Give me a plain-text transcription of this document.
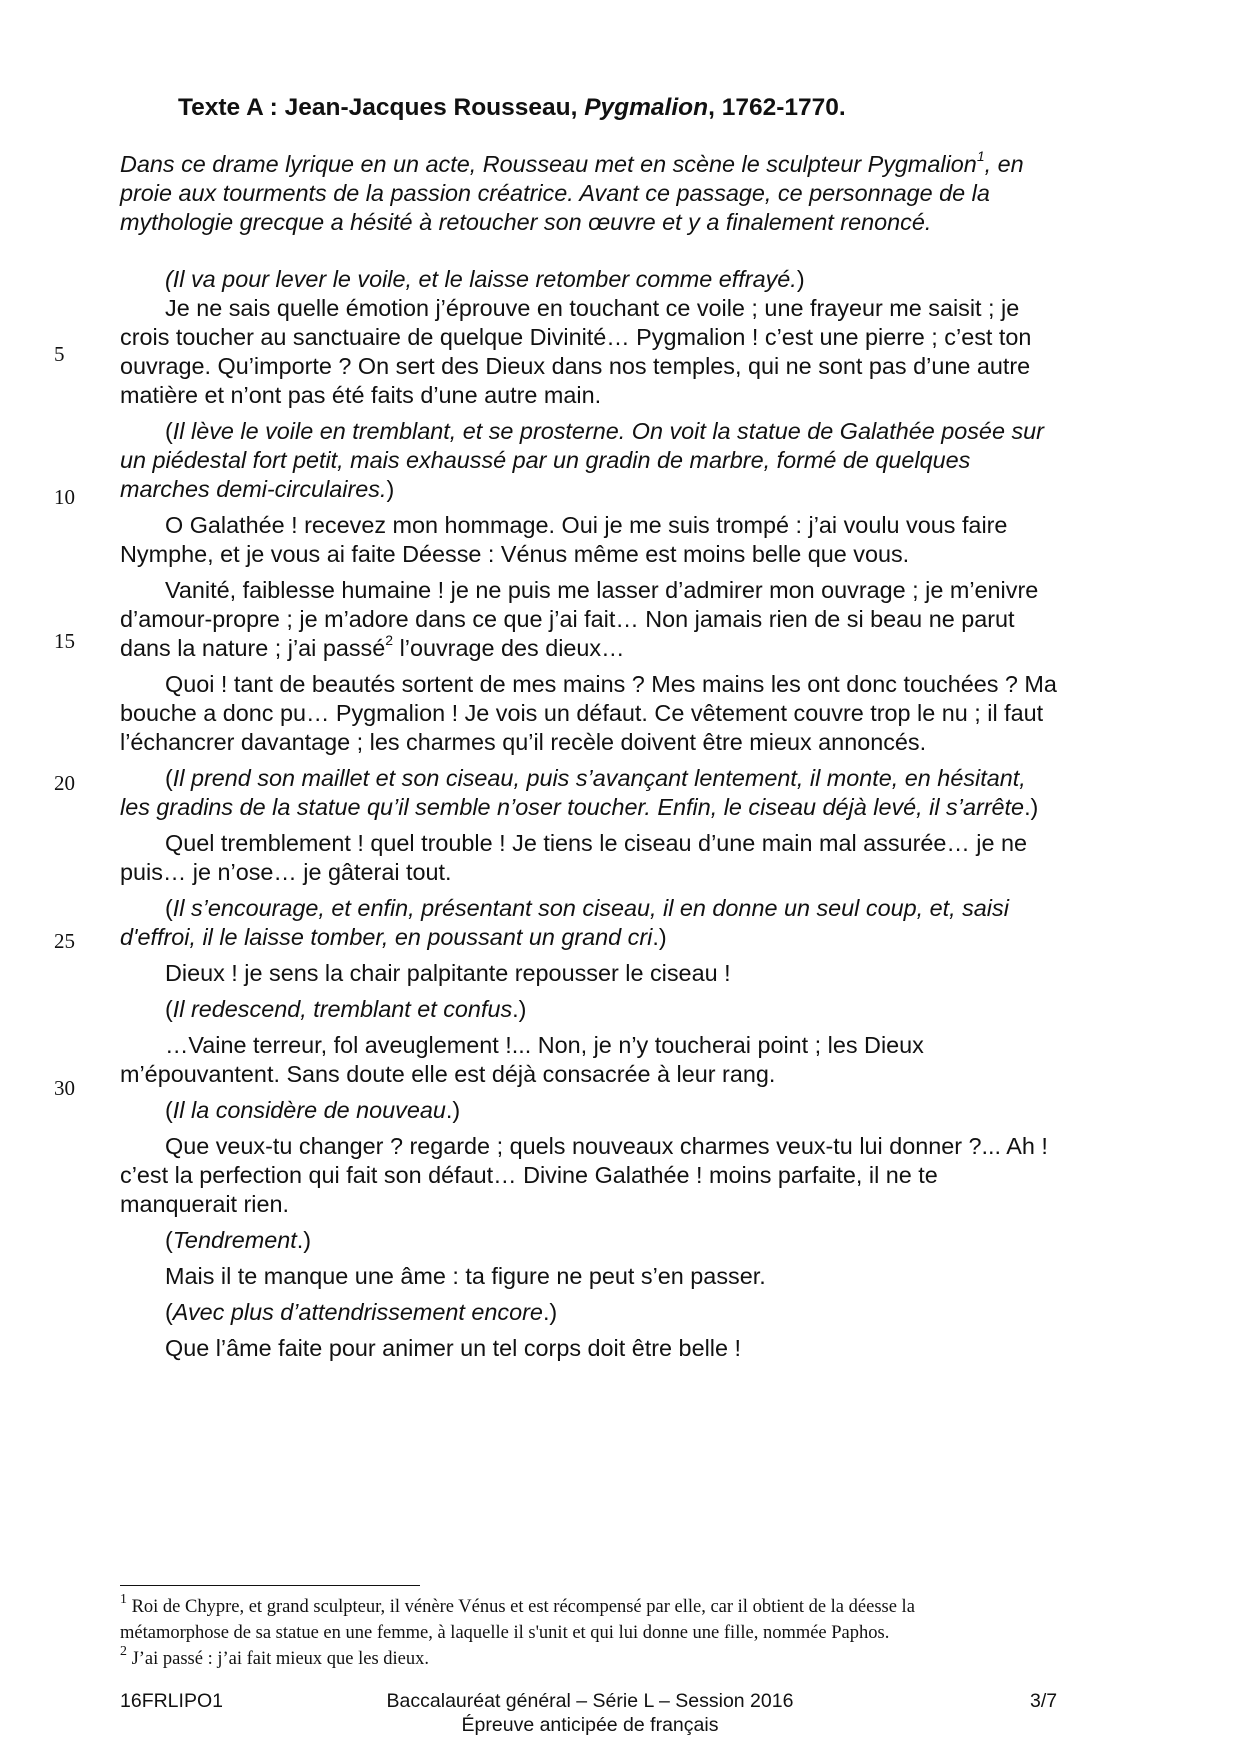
Texte A : Jean-Jacques Rousseau, Pygmalion, 1762-1770.

Dans ce drame lyrique en un acte, Rousseau met en scène le sculpteur Pygmalion$^1$, en

proie aux tourments de la passion créatrice. Avant ce passage, ce personnage de la

mythologie grecque a hésité à retoucher son œuvre et y a finalement renoncé.

5
10
15
20
25
30
(Il va pour lever le voile, et le laisse retomber comme effrayé.)
Je ne sais quelle émotion j’éprouve en touchant ce voile ; une frayeur me saisit ; je
crois toucher au sanctuaire de quelque Divinité… Pygmalion ! c’est une pierre ; c’est ton
ouvrage. Qu’importe ? On sert des Dieux dans nos temples, qui ne sont pas d’une autre
matière et n’ont pas été faits d’une autre main.
(Il lève le voile en tremblant, et se prosterne. On voit la statue de Galathée posée sur
un piédestal fort petit, mais exhaussé par un gradin de marbre, formé de quelques
marches demi-circulaires.)
O Galathée ! recevez mon hommage. Oui je me suis trompé : j’ai voulu vous faire
Nymphe, et je vous ai faite Déesse : Vénus même est moins belle que vous.
Vanité, faiblesse humaine ! je ne puis me lasser d’admirer mon ouvrage ; je m’enivre
d’amour-propre ; je m’adore dans ce que j’ai fait… Non jamais rien de si beau ne parut
dans la nature ; j’ai passé$^2$ l’ouvrage des dieux…
Quoi ! tant de beautés sortent de mes mains ? Mes mains les ont donc touchées ? Ma
bouche a donc pu… Pygmalion ! Je vois un défaut. Ce vêtement couvre trop le nu ; il faut
l’échancrer davantage ; les charmes qu’il recèle doivent être mieux annoncés.
(Il prend son maillet et son ciseau, puis s’avançant lentement, il monte, en hésitant,
les gradins de la statue qu’il semble n’oser toucher. Enfin, le ciseau déjà levé, il s’arrête.)
Quel tremblement ! quel trouble ! Je tiens le ciseau d’une main mal assurée… je ne
puis… je n’ose… je gâterai tout.
(Il s’encourage, et enfin, présentant son ciseau, il en donne un seul coup, et, saisi
d'effroi, il le laisse tomber, en poussant un grand cri.)
Dieux ! je sens la chair palpitante repousser le ciseau !
(Il redescend, tremblant et confus.)
…Vaine terreur, fol aveuglement !... Non, je n’y toucherai point ; les Dieux
m’épouvantent. Sans doute elle est déjà consacrée à leur rang.
(Il la considère de nouveau.)
Que veux-tu changer ? regarde ; quels nouveaux charmes veux-tu lui donner ?... Ah !
c’est la perfection qui fait son défaut… Divine Galathée ! moins parfaite, il ne te
manquerait rien.
(Tendrement.)
Mais il te manque une âme : ta figure ne peut s’en passer.
(Avec plus d’attendrissement encore.)
Que l’âme faite pour animer un tel corps doit être belle !

$^1$ Roi de Chypre, et grand sculpteur, il vénère Vénus et est récompensé par elle, car il obtient de la déesse la

métamorphose de sa statue en une femme, à laquelle il s'unit et qui lui donne une fille, nommée Paphos.

$^2$ J’ai passé : j’ai fait mieux que les dieux.

16FRLIPO1	Baccalauréat général – Série L – Session 2016
Épreuve anticipée de français
3/7
